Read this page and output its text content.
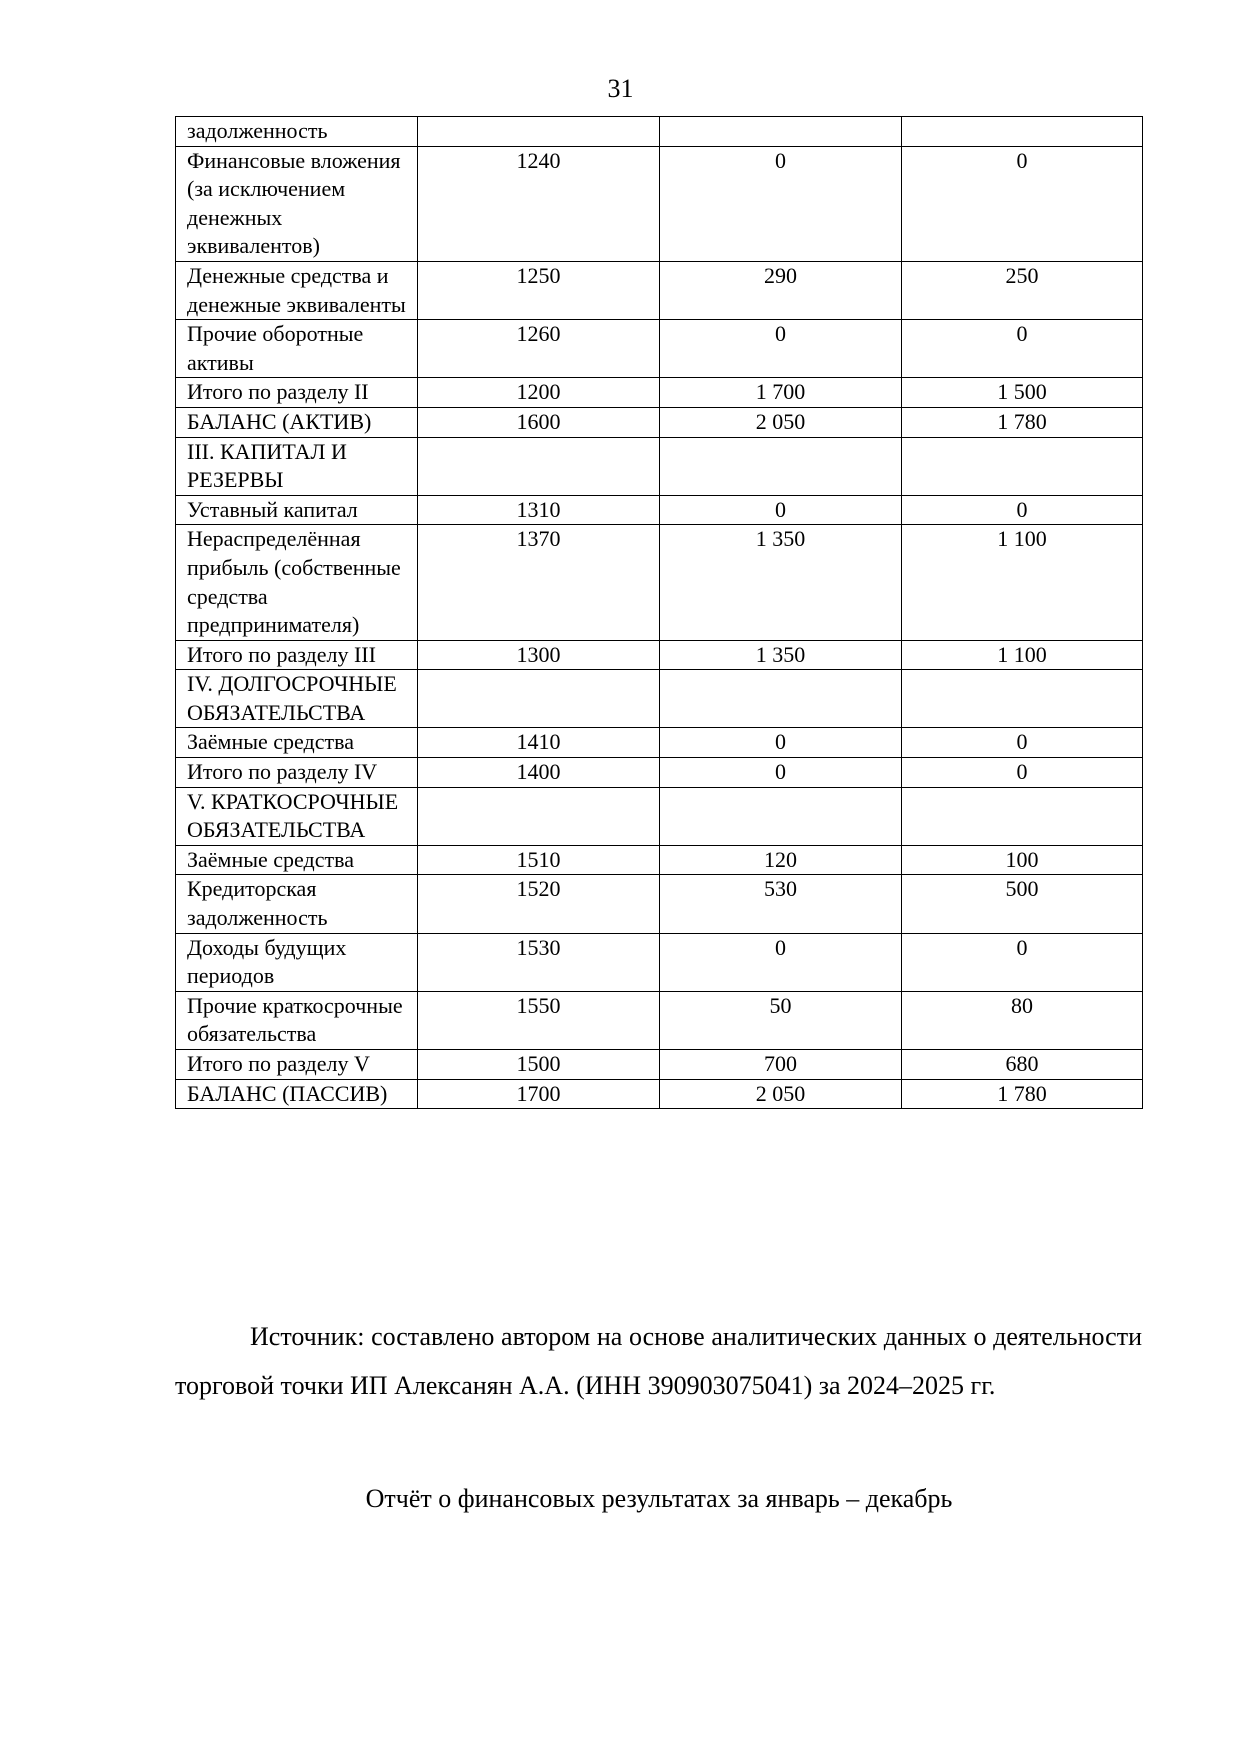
31
задолженность			
Финансовые вложения (за исключением денежных эквивалентов)	1240	0	0
Денежные средства и денежные эквиваленты	1250	290	250
Прочие оборотные активы	1260	0	0
Итого по разделу II	1200	1 700	1 500
БАЛАНС (АКТИВ)	1600	2 050	1 780
III. КАПИТАЛ И РЕЗЕРВЫ			
Уставный капитал	1310	0	0
Нераспределённая прибыль (собственные средства предпринимателя)	1370	1 350	1 100
Итого по разделу III	1300	1 350	1 100
IV. ДОЛГОСРОЧНЫЕ ОБЯЗАТЕЛЬСТВА			
Заёмные средства	1410	0	0
Итого по разделу IV	1400	0	0
V. КРАТКОСРОЧНЫЕ ОБЯЗАТЕЛЬСТВА			
Заёмные средства	1510	120	100
Кредиторская задолженность	1520	530	500
Доходы будущих периодов	1530	0	0
Прочие краткосрочные обязательства	1550	50	80
Итого по разделу V	1500	700	680
БАЛАНС (ПАССИВ)	1700	2 050	1 780

Источник: составлено автором на основе аналитических данных о деятельности торговой точки ИП Алексанян А.А. (ИНН 390903075041) за 2024–2025 гг.

Отчёт о финансовых результатах за январь – декабрь
